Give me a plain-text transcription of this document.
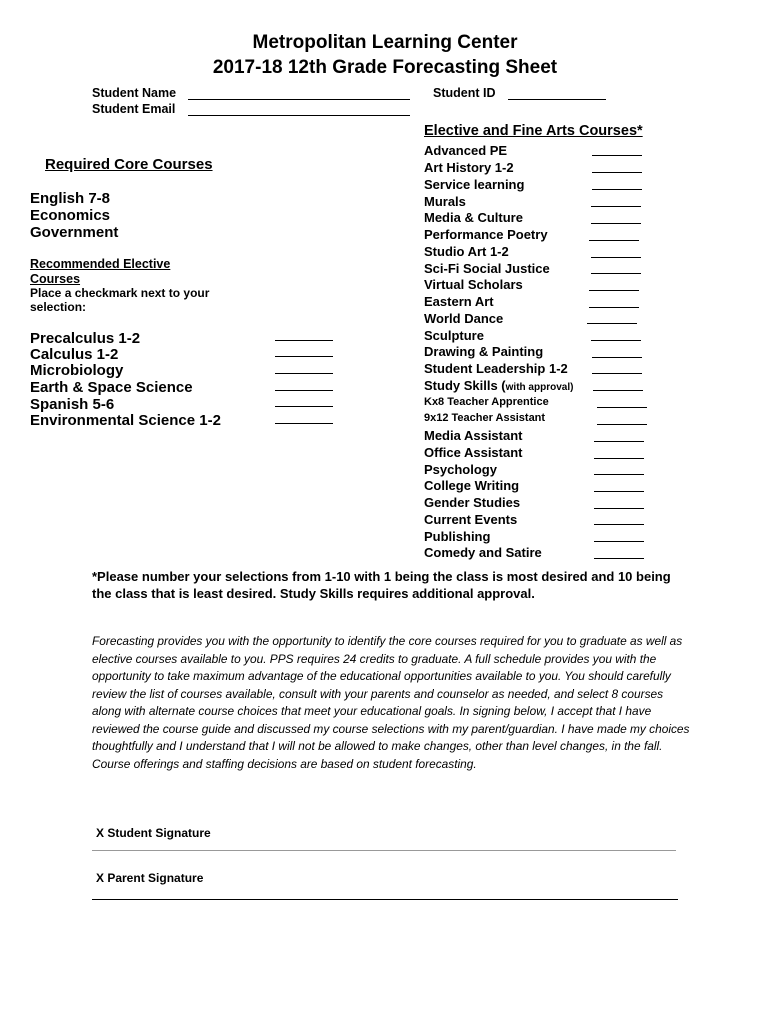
Metropolitan Learning Center
2017-18 12th Grade Forecasting Sheet
Student Name
Student Email
Student ID
Required Core Courses
English 7-8
Economics
Government
Recommended Elective
Courses
Place a checkmark next to your
selection:
Precalculus 1-2
Calculus 1-2
Microbiology
Earth & Space Science
Spanish 5-6
Environmental Science 1-2
Elective and Fine Arts Courses*
Advanced PE
Art History 1-2
Service learning
Murals
Media & Culture
Performance Poetry
Studio Art 1-2
Sci-Fi Social Justice
Virtual Scholars
Eastern Art
World Dance
Sculpture
Drawing & Painting
Student Leadership 1-2
Study Skills (with approval)
Kx8 Teacher Apprentice
9x12 Teacher Assistant
Media Assistant
Office Assistant
Psychology
College Writing
Gender Studies
Current Events
Publishing
Comedy and Satire
*Please number your selections from 1-10 with 1 being the class is most desired and 10 being the class that is least desired. Study Skills requires additional approval.
Forecasting provides you with the opportunity to identify the core courses required for you to graduate as well as elective courses available to you. PPS requires 24 credits to graduate. A full schedule provides you with the opportunity to take maximum advantage of the educational opportunities available to you. You should carefully review the list of courses available, consult with your parents and counselor as needed, and select 8 courses along with alternate course choices that meet your educational goals. In signing below, I accept that I have reviewed the course guide and discussed my course selections with my parent/guardian. I have made my choices thoughtfully and I understand that I will not be allowed to make changes, other than level changes, in the fall. Course offerings and staffing decisions are based on student forecasting.
X Student Signature
X Parent Signature
